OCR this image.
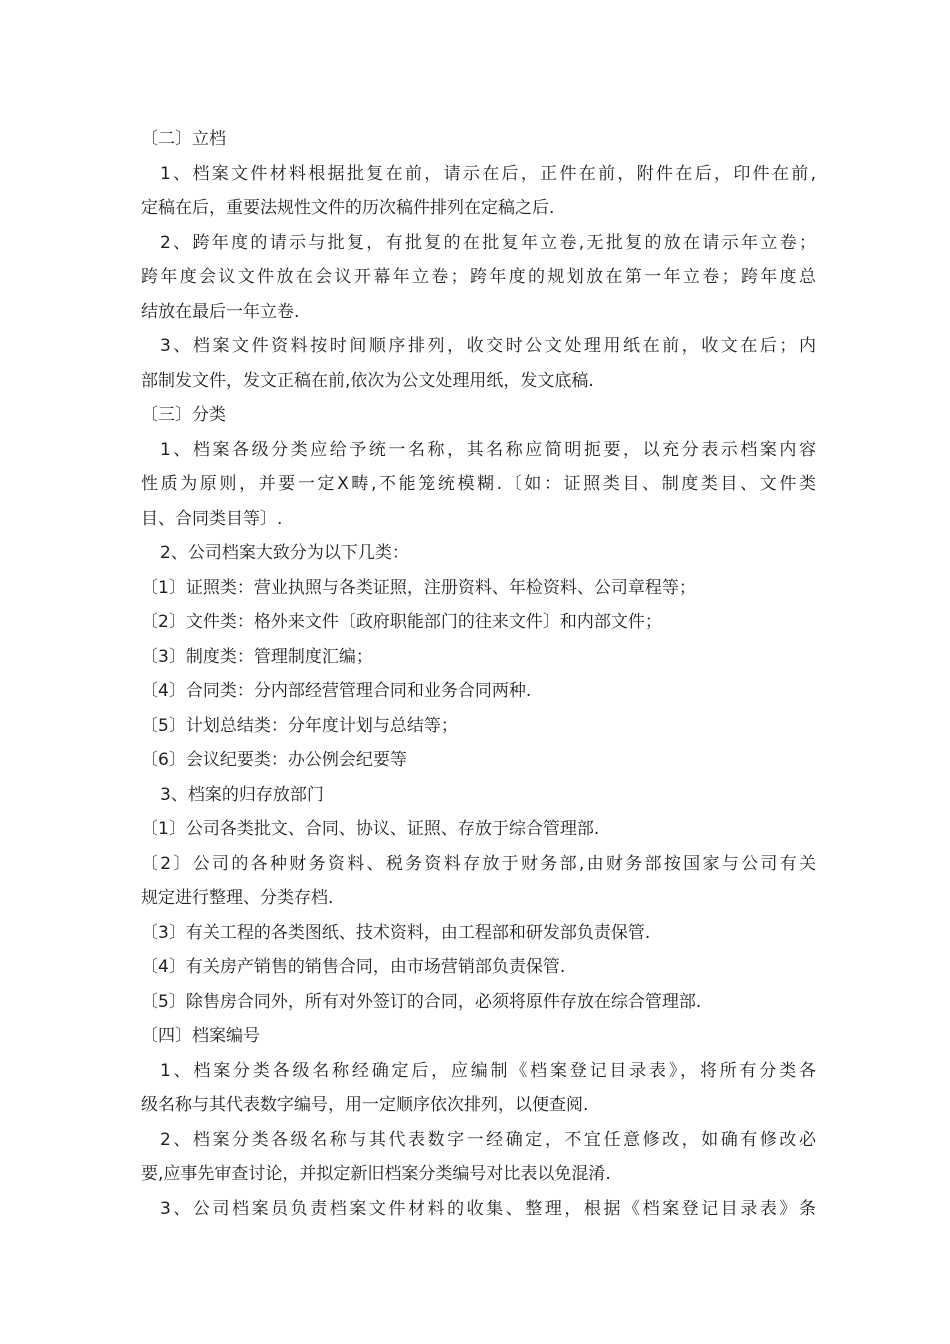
〔二〕立档
1、档案文件材料根据批复在前，请示在后，正件在前，附件在后，印件在前,
定稿在后，重要法规性文件的历次稿件排列在定稿之后.
2、跨年度的请示与批复，有批复的在批复年立卷,无批复的放在请示年立卷；
跨年度会议文件放在会议开幕年立卷；跨年度的规划放在第一年立卷；跨年度总
结放在最后一年立卷.
3、档案文件资料按时间顺序排列，收交时公文处理用纸在前，收文在后；内
部制发文件，发文正稿在前,依次为公文处理用纸，发文底稿.
〔三〕分类
1、档案各级分类应给予统一名称，其名称应简明扼要，以充分表示档案内容
性质为原则，并要一定X畴,不能笼统模糊.〔如：证照类目、制度类目、文件类
目、合同类目等〕.
2、公司档案大致分为以下几类：
〔1〕证照类：营业执照与各类证照，注册资料、年检资料、公司章程等；
〔2〕文件类：格外来文件〔政府职能部门的往来文件〕和内部文件；
〔3〕制度类：管理制度汇编；
〔4〕合同类：分内部经营管理合同和业务合同两种.
〔5〕计划总结类：分年度计划与总结等；
〔6〕会议纪要类：办公例会纪要等
3、档案的归存放部门
〔1〕公司各类批文、合同、协议、证照、存放于综合管理部.
〔2〕公司的各种财务资料、税务资料存放于财务部,由财务部按国家与公司有关
规定进行整理、分类存档.
〔3〕有关工程的各类图纸、技术资料，由工程部和研发部负责保管.
〔4〕有关房产销售的销售合同，由市场营销部负责保管.
〔5〕除售房合同外，所有对外签订的合同，必须将原件存放在综合管理部.
〔四〕档案编号
1、档案分类各级名称经确定后，应编制《档案登记目录表》，将所有分类各
级名称与其代表数字编号，用一定顺序依次排列，以便查阅.
2、档案分类各级名称与其代表数字一经确定，不宜任意修改，如确有修改必
要,应事先审查讨论，并拟定新旧档案分类编号对比表以免混淆.
3、公司档案员负责档案文件材料的收集、整理，根据《档案登记目录表》条
